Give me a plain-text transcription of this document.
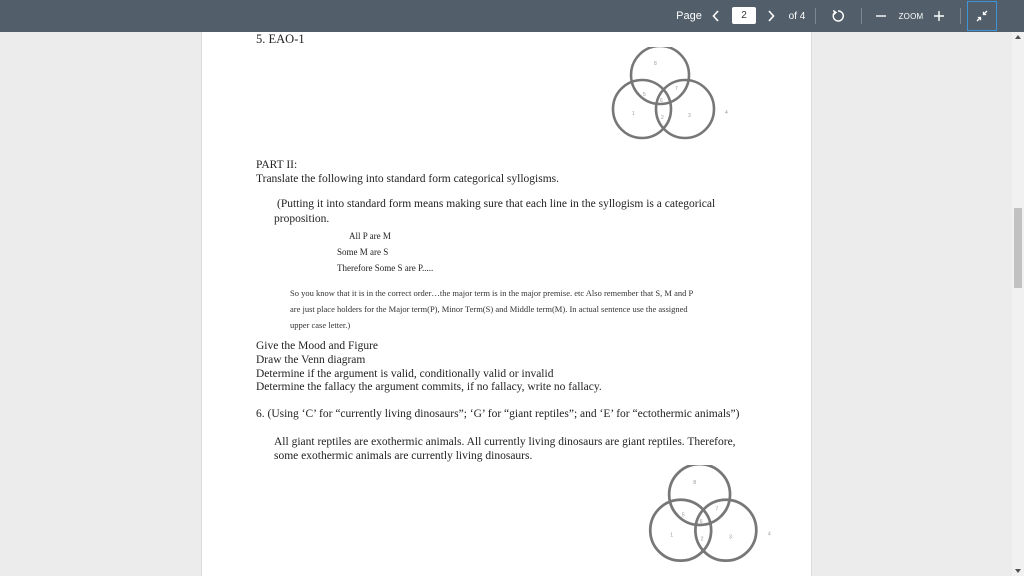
Page
2	of 4	ZOOM
5. EAO-1
8
7
5
6
1
2	3	4
PART II:
Translate the following into standard form categorical syllogisms.
(Putting it into standard form means making sure that each line in the syllogism is a categorical
proposition.
All P are M
Some M are S
Therefore Some S are P.....
So you know that it is in the correct order…the major term is in the major premise. etc Also remember that S, M and P
are just place holders for the Major term(P), Minor Term(S) and Middle term(M). In actual sentence use the assigned
upper case letter.)
Give the Mood and Figure
Draw the Venn diagram
Determine if the argument is valid, conditionally valid or invalid
Determine the fallacy the argument commits, if no fallacy, write no fallacy.
6. (Using ‘C’ for “currently living dinosaurs”; ‘G’ for “giant reptiles”; and ‘E’ for “ectothermic animals”)
All giant reptiles are exothermic animals. All currently living dinosaurs are giant reptiles. Therefore,
some exothermic animals are currently living dinosaurs.
8
7
5
6
1
2	3
4
